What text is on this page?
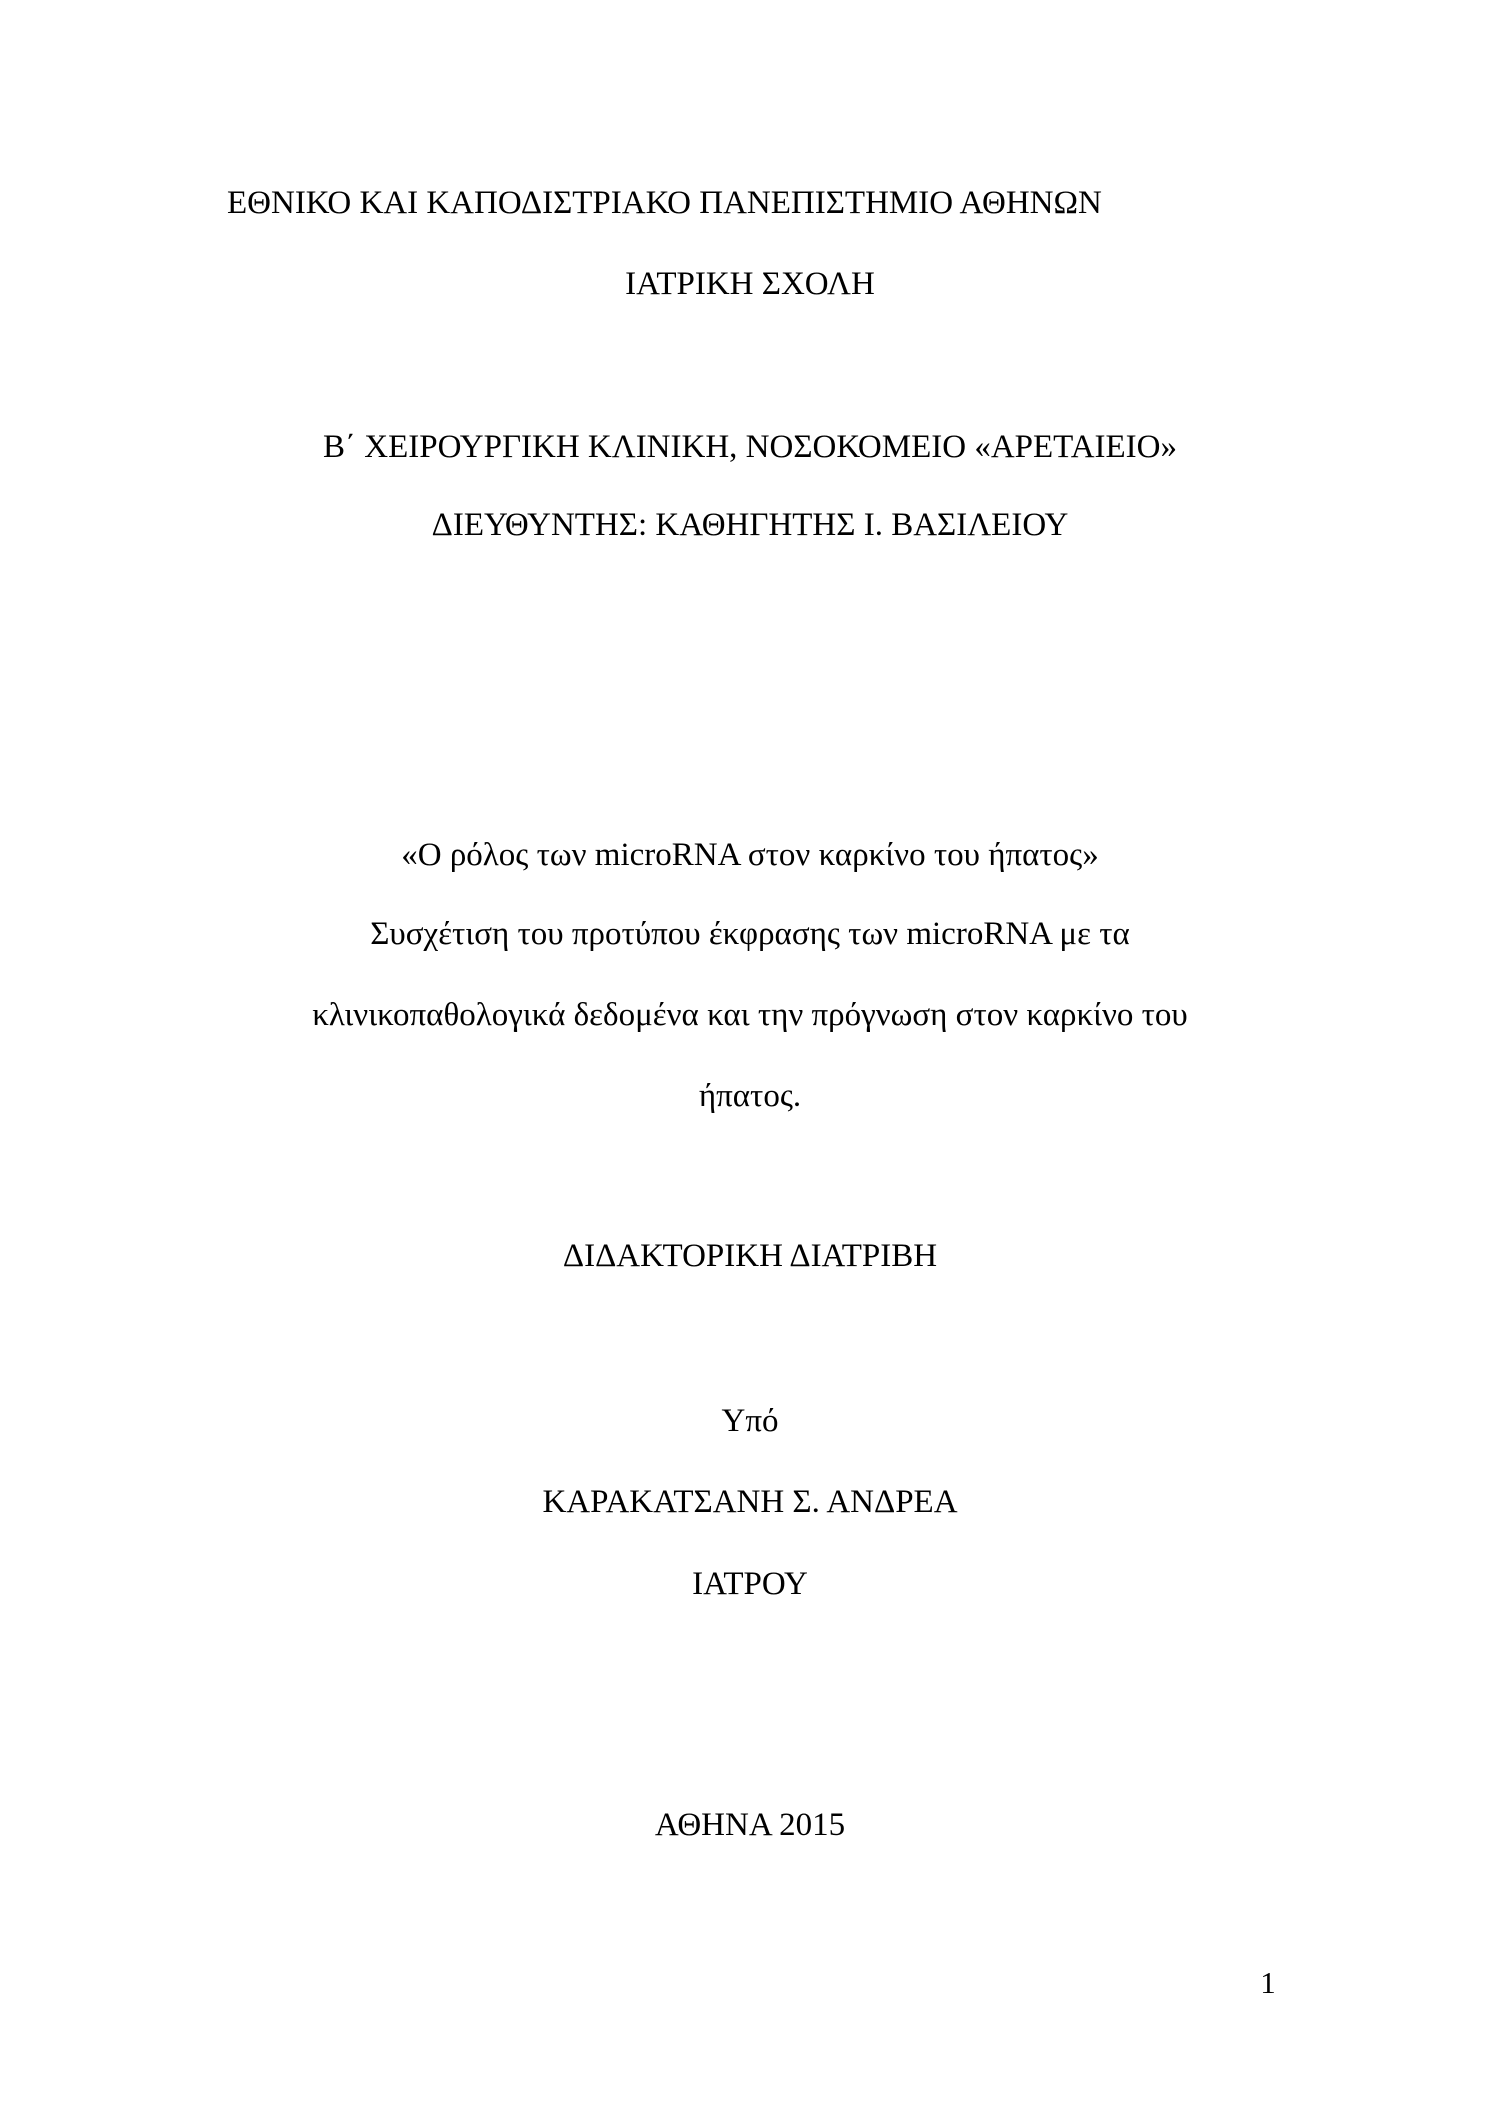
ΕΘΝΙΚΟ ΚΑΙ ΚΑΠΟΔΙΣΤΡΙΑΚΟ ΠΑΝΕΠΙΣΤΗΜΙΟ ΑΘΗΝΩΝ
ΙΑΤΡΙΚΗ ΣΧΟΛΗ
Β΄ ΧΕΙΡΟΥΡΓΙΚΗ ΚΛΙΝΙΚΗ, ΝΟΣΟΚΟΜΕΙΟ «ΑΡΕΤΑΙΕΙΟ»
ΔΙΕΥΘΥΝΤΗΣ: ΚΑΘΗΓΗΤΗΣ Ι. ΒΑΣΙΛΕΙΟΥ
«Ο ρόλος των microRNA στον καρκίνο του ήπατος»
Συσχέτιση του προτύπου έκφρασης των microRNA με τα
κλινικοπαθολογικά δεδομένα και την πρόγνωση στον καρκίνο του
ήπατος.
ΔΙΔΑΚΤΟΡΙΚΗ ΔΙΑΤΡΙΒΗ
Υπό
ΚΑΡΑΚΑΤΣΑΝΗ Σ. ΑΝΔΡΕΑ
ΙΑΤΡΟΥ
ΑΘΗΝΑ 2015
1
